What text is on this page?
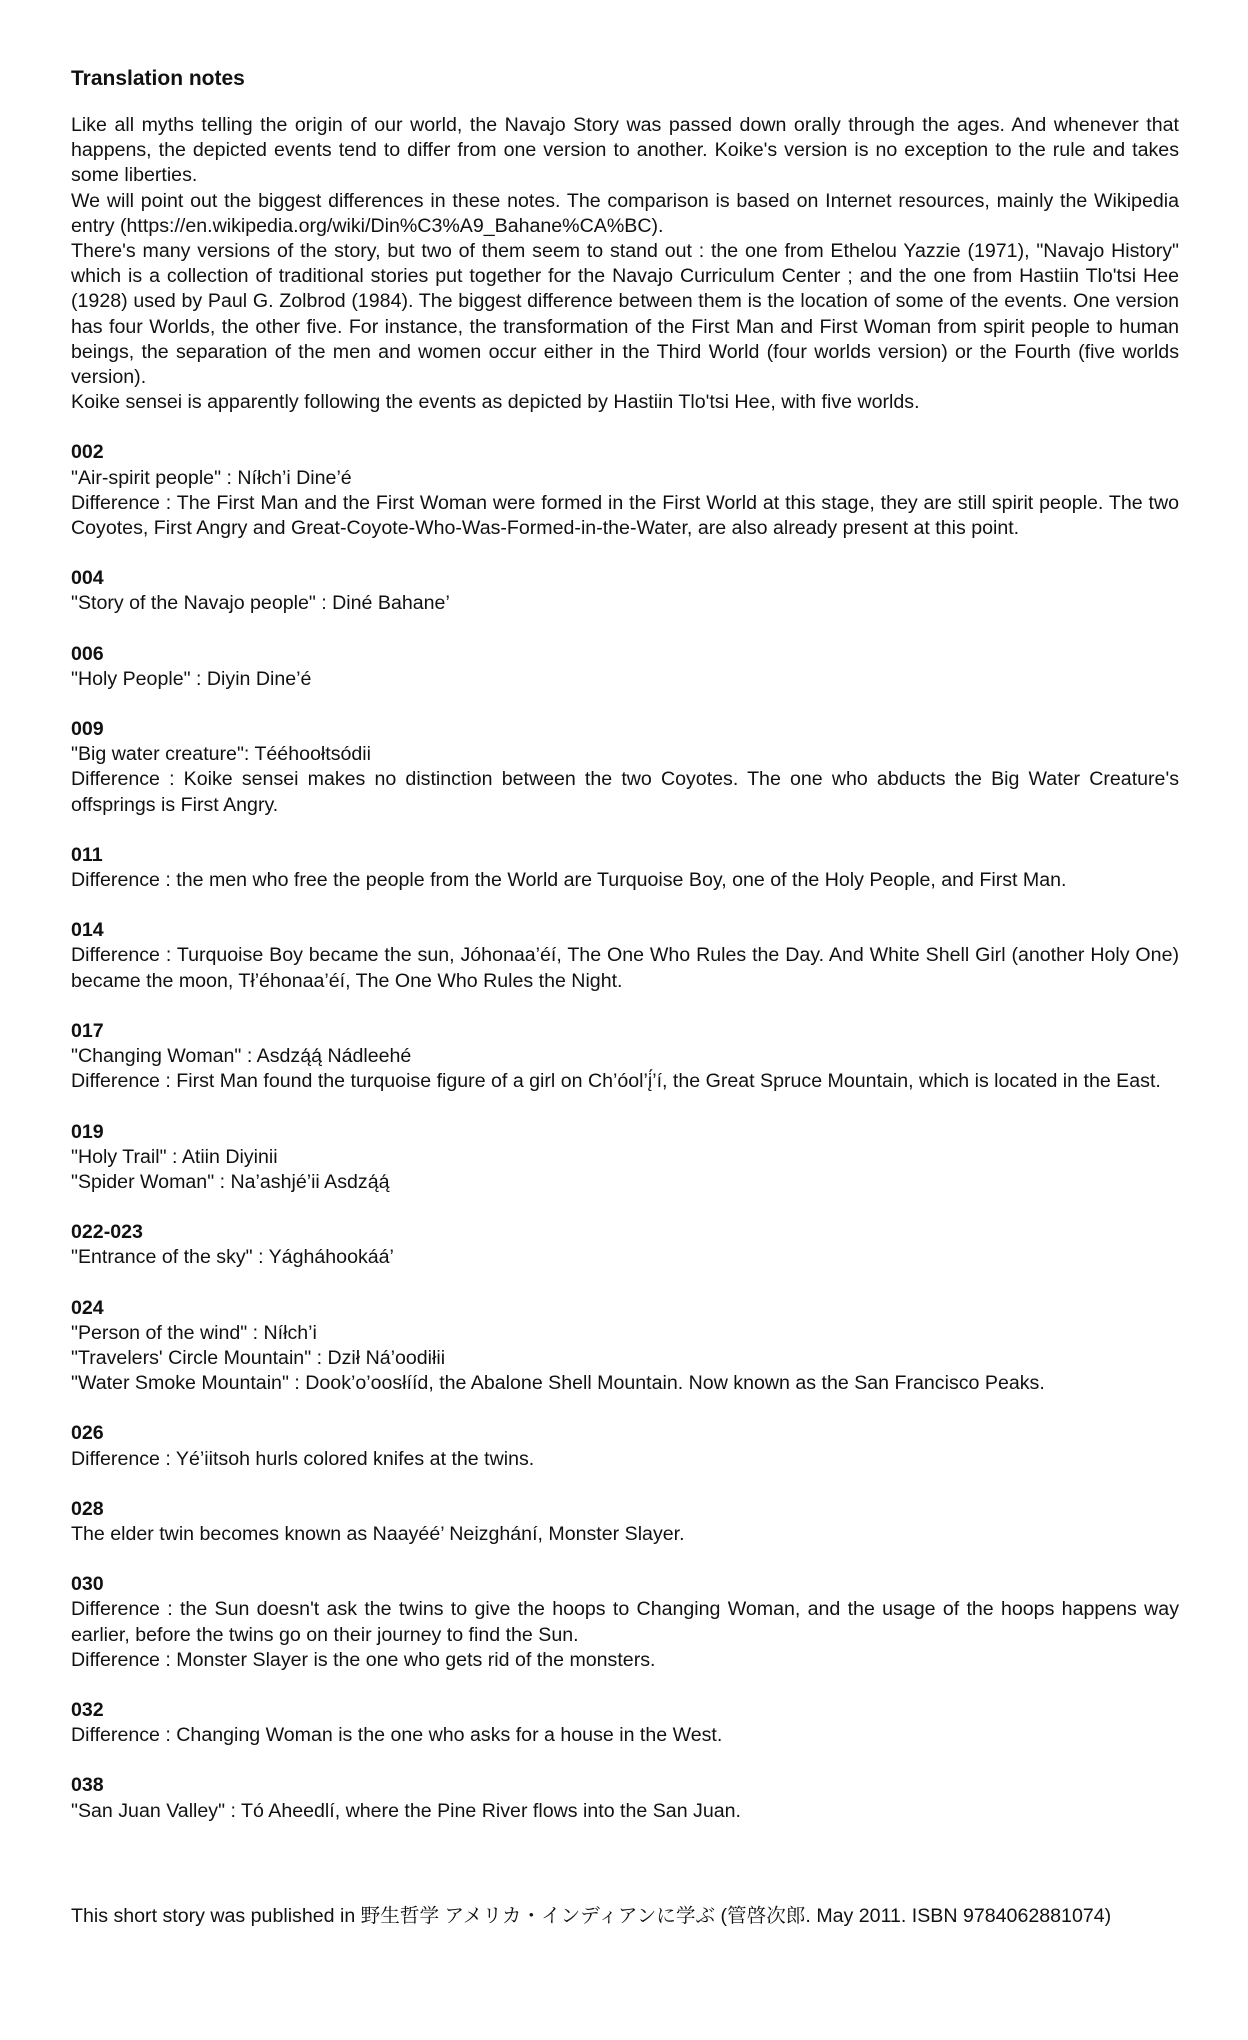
Translation notes

Like all myths telling the origin of our world, the Navajo Story was passed down orally through the ages. And whenever that happens, the depicted events tend to differ from one version to another. Koike's version is no exception to the rule and takes some liberties.

We will point out the biggest differences in these notes. The comparison is based on Internet resources, mainly the Wikipedia entry (https://en.wikipedia.org/wiki/Din%C3%A9_Bahane%CA%BC).

There's many versions of the story, but two of them seem to stand out : the one from Ethelou Yazzie (1971), "Navajo History" which is a collection of traditional stories put together for the Navajo Curriculum Center ; and the one from Hastiin Tlo'tsi Hee (1928) used by Paul G. Zolbrod (1984). The biggest difference between them is the location of some of the events. One version has four Worlds, the other five. For instance, the transformation of the First Man and First Woman from spirit people to human beings, the separation of the men and women occur either in the Third World (four worlds version) or the Fourth (five worlds version).

Koike sensei is apparently following the events as depicted by Hastiin Tlo'tsi Hee, with five worlds.

002
"Air-spirit people" : Níłch’i Dine’é
Difference : The First Man and the First Woman were formed in the First World at this stage, they are still spirit people. The two Coyotes, First Angry and Great-Coyote-Who-Was-Formed-in-the-Water, are also already present at this point.
004
"Story of the Navajo people" : Diné Bahane’
006
"Holy People" : Diyin Dine’é
009
"Big water creature": Tééhoołtsódii
Difference : Koike sensei makes no distinction between the two Coyotes. The one who abducts the Big Water Creature's offsprings is First Angry.
011
Difference : the men who free the people from the World are Turquoise Boy, one of the Holy People, and First Man.
014
Difference : Turquoise Boy became the sun, Jóhonaa’éí, The One Who Rules the Day. And White Shell Girl (another Holy One) became the moon, Tł’éhonaa’éí, The One Who Rules the Night.
017
"Changing Woman" : Asdzą́ą́ Nádleehé
Difference : First Man found the turquoise figure of a girl on Ch’óol’į́’í, the Great Spruce Mountain, which is located in the East.
019
"Holy Trail" : Atiin Diyinii
"Spider Woman" : Na’ashjé’ii Asdzą́ą́
022-023
"Entrance of the sky" : Yágháhookáá’
024
"Person of the wind" : Níłch’i
"Travelers' Circle Mountain" : Dził Ná’oodiłii
"Water Smoke Mountain" : Dook’o’oosłííd, the Abalone Shell Mountain. Now known as the San Francisco Peaks.
026
Difference : Yé’iitsoh hurls colored knifes at the twins.
028
The elder twin becomes known as Naayéé’ Neizghání, Monster Slayer.
030
Difference : the Sun doesn't ask the twins to give the hoops to Changing Woman, and the usage of the hoops happens way earlier, before the twins go on their journey to find the Sun.
Difference : Monster Slayer is the one who gets rid of the monsters.
032
Difference : Changing Woman is the one who asks for a house in the West.
038
"San Juan Valley" : Tó Aheedlí, where the Pine River flows into the San Juan.
This short story was published in 野生哲学 アメリカ・インディアンに学ぶ (管啓次郎. May 2011. ISBN 9784062881074)
